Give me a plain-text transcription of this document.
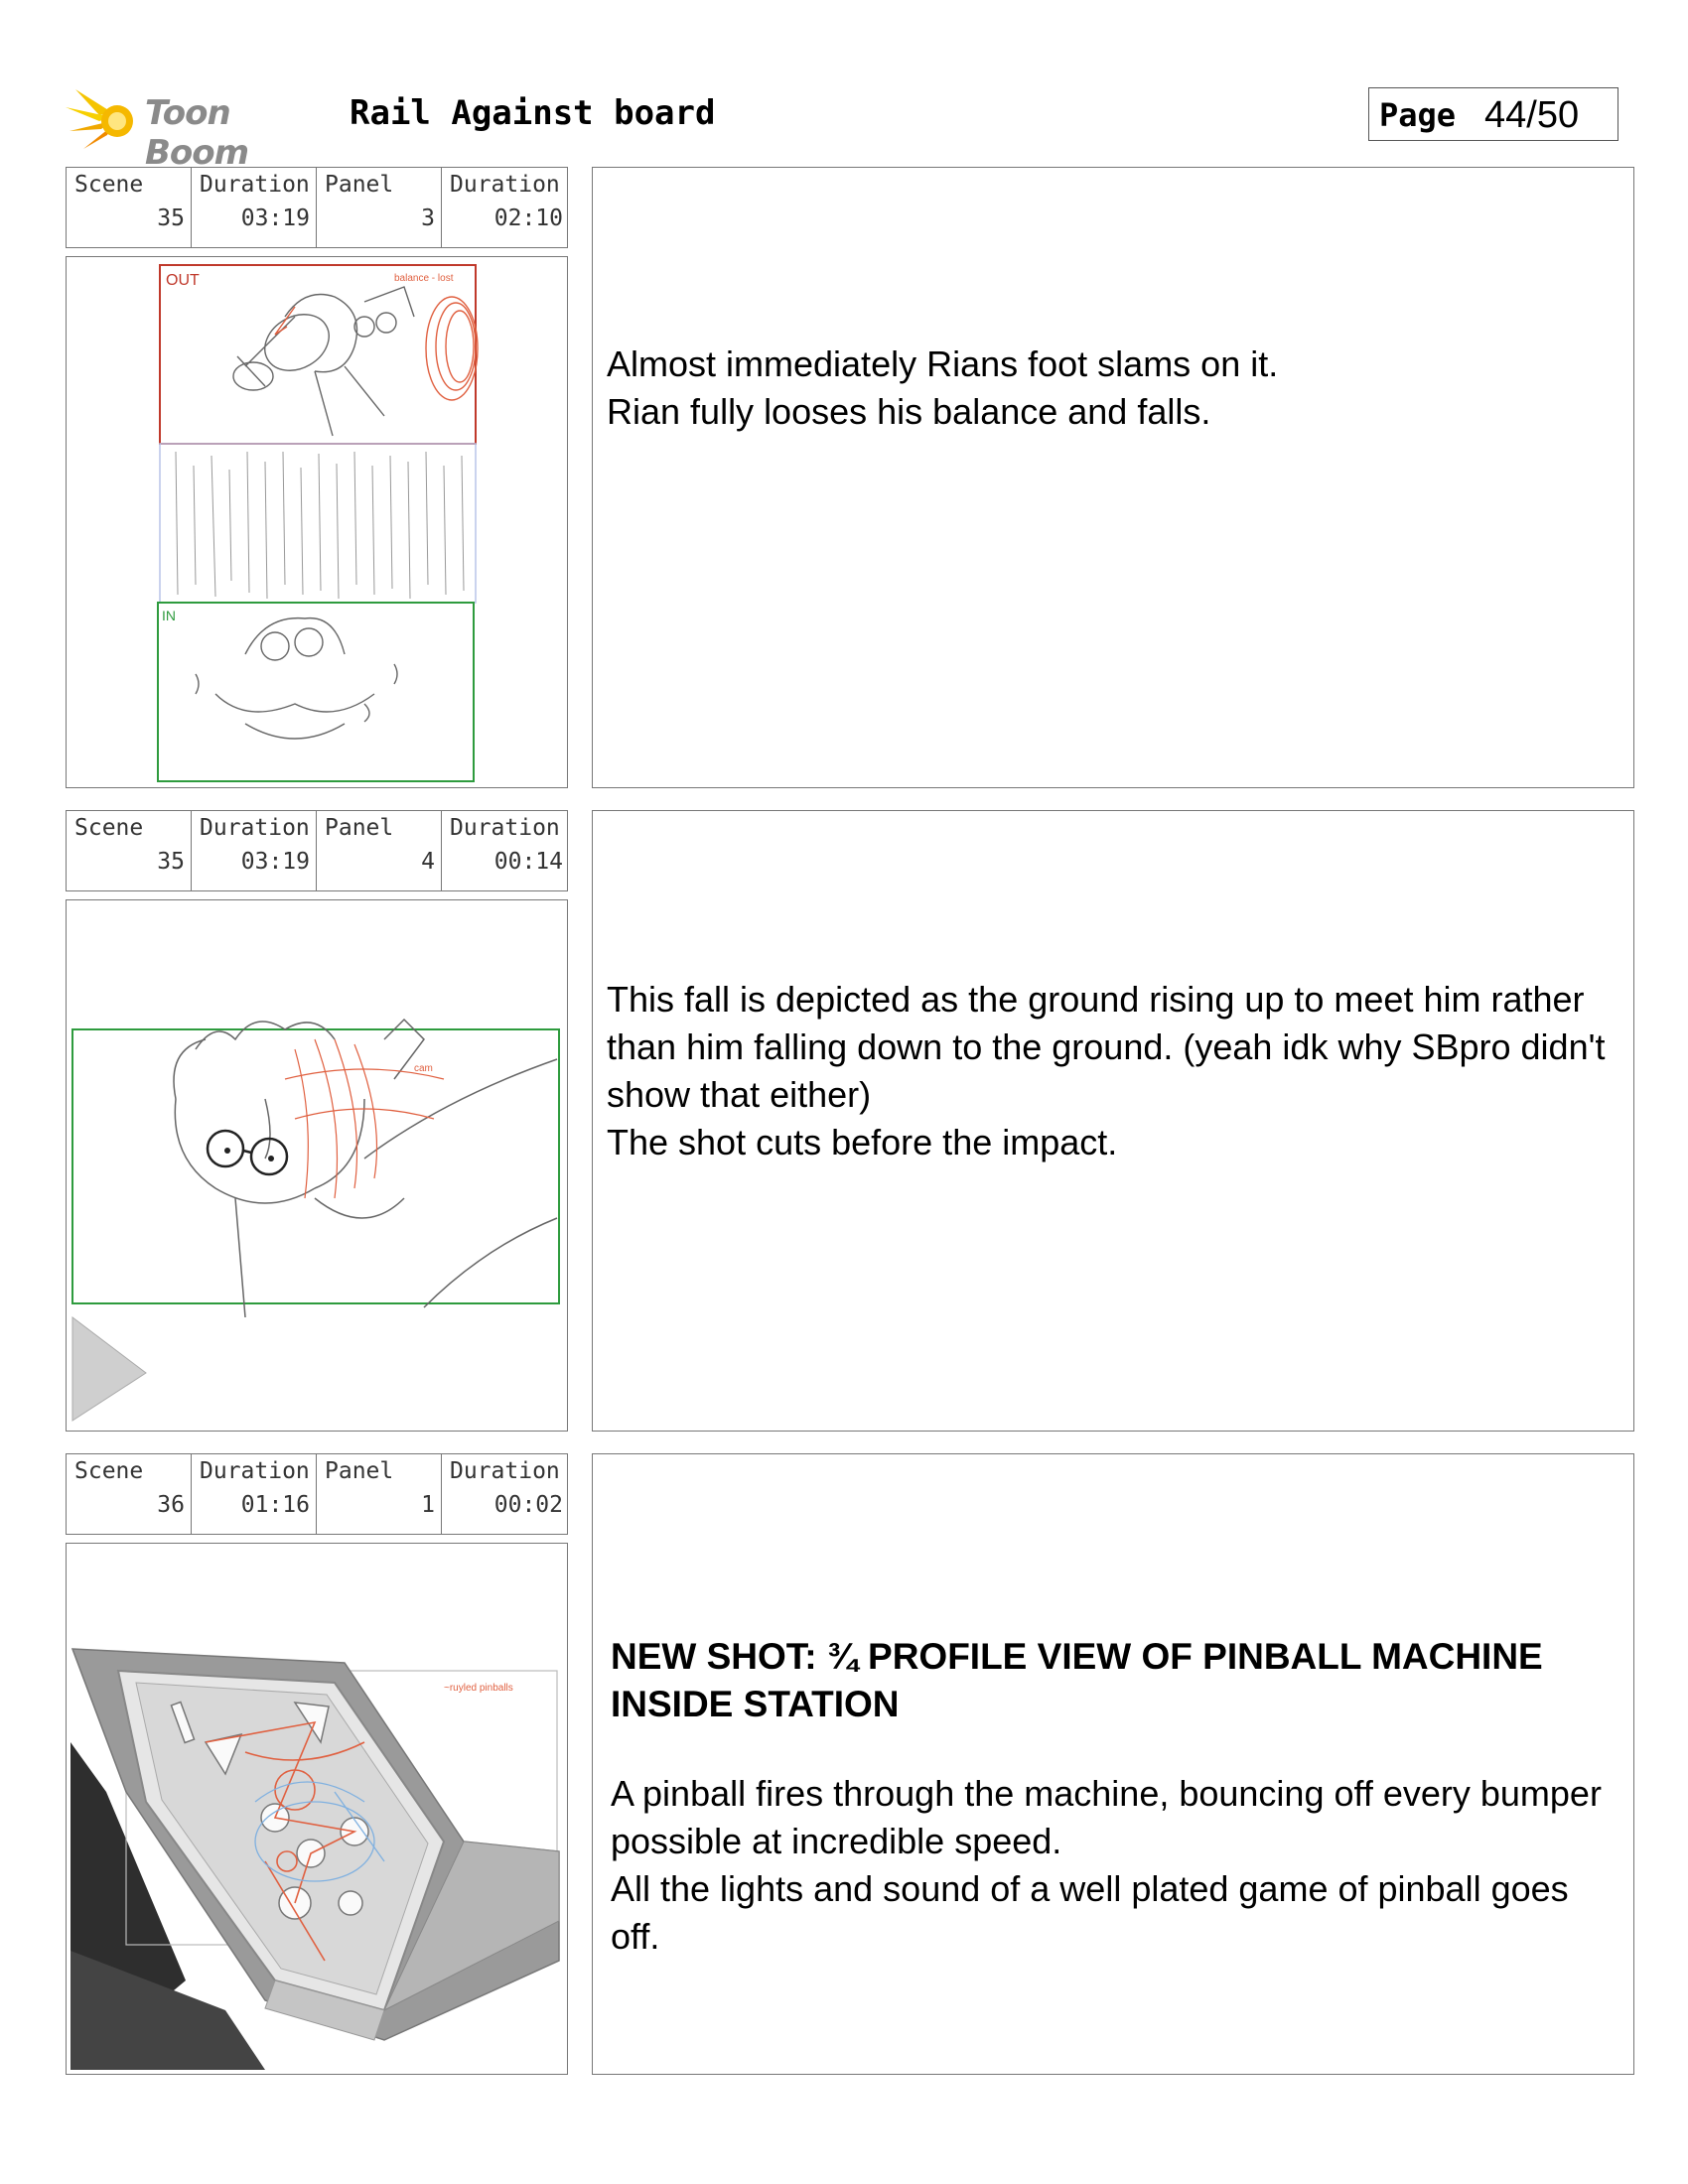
Toon Boom
Rail Against board	Page 44/50
Scene
35
Duration
03:19
Panel
3
Duration
02:10
OUT	balance - lost
IN
Almost immediately Rians foot slams on it.
Rian fully looses his balance and falls.
Scene
35
Duration
03:19
Panel
4
Duration
00:14
cam
This fall is depicted as the ground rising up to meet him rather than him falling down to the ground. (yeah idk why SBpro didn't show that either)
The shot cuts before the impact.
Scene
36
Duration
01:16
Panel
1
Duration
00:02
~ruyled pinballs
NEW SHOT: ¾ PROFILE VIEW OF PINBALL MACHINE INSIDE STATION
A pinball fires through the machine, bouncing off every bumper possible at incredible speed.
All the lights and sound of a well plated game of pinball goes off.
